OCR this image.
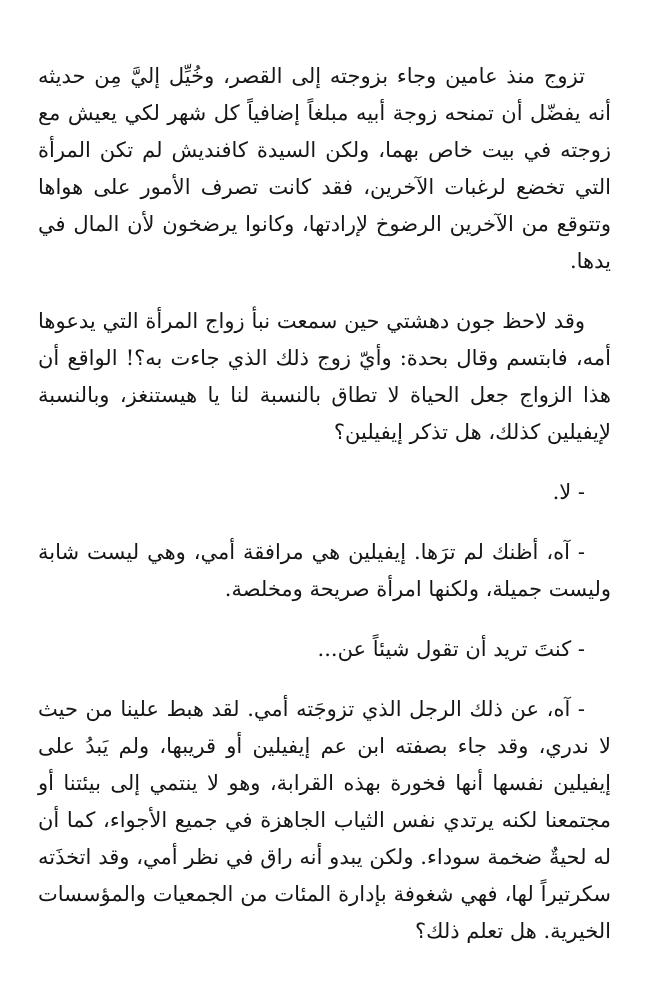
تزوج منذ عامين وجاء بزوجته إلى القصر، وخُيِّل إليَّ مِن حديثه أنه يفضّل أن تمنحه زوجة أبيه مبلغاً إضافياً كل شهر لكي يعيش مع زوجته في بيت خاص بهما، ولكن السيدة كافنديش لم تكن المرأة التي تخضع لرغبات الآخرين، فقد كانت تصرف الأمور على هواها وتتوقع من الآخرين الرضوخ لإرادتها، وكانوا يرضخون لأن المال في يدها.

وقد لاحظ جون دهشتي حين سمعت نبأ زواج المرأة التي يدعوها أمه، فابتسم وقال بحدة: وأيّ زوج ذلك الذي جاءت به؟! الواقع أن هذا الزواج جعل الحياة لا تطاق بالنسبة لنا يا هيستنغز، وبالنسبة لإيفيلين كذلك، هل تذكر إيفيلين؟

- لا.

- آه، أظنك لم ترَها. إيفيلين هي مرافقة أمي، وهي ليست شابة وليست جميلة، ولكنها امرأة صريحة ومخلصة.

- كنتَ تريد أن تقول شيئاً عن...

- آه، عن ذلك الرجل الذي تزوجَته أمي. لقد هبط علينا من حيث لا ندري، وقد جاء بصفته ابن عم إيفيلين أو قريبها، ولم يَبدُ على إيفيلين نفسها أنها فخورة بهذه القرابة، وهو لا ينتمي إلى بيئتنا أو مجتمعنا لكنه يرتدي نفس الثياب الجاهزة في جميع الأجواء، كما أن له لحيةٌ ضخمة سوداء. ولكن يبدو أنه راق في نظر أمي، وقد اتخذَته سكرتيراً لها، فهي شغوفة بإدارة المئات من الجمعيات والمؤسسات الخيرية. هل تعلم ذلك؟
